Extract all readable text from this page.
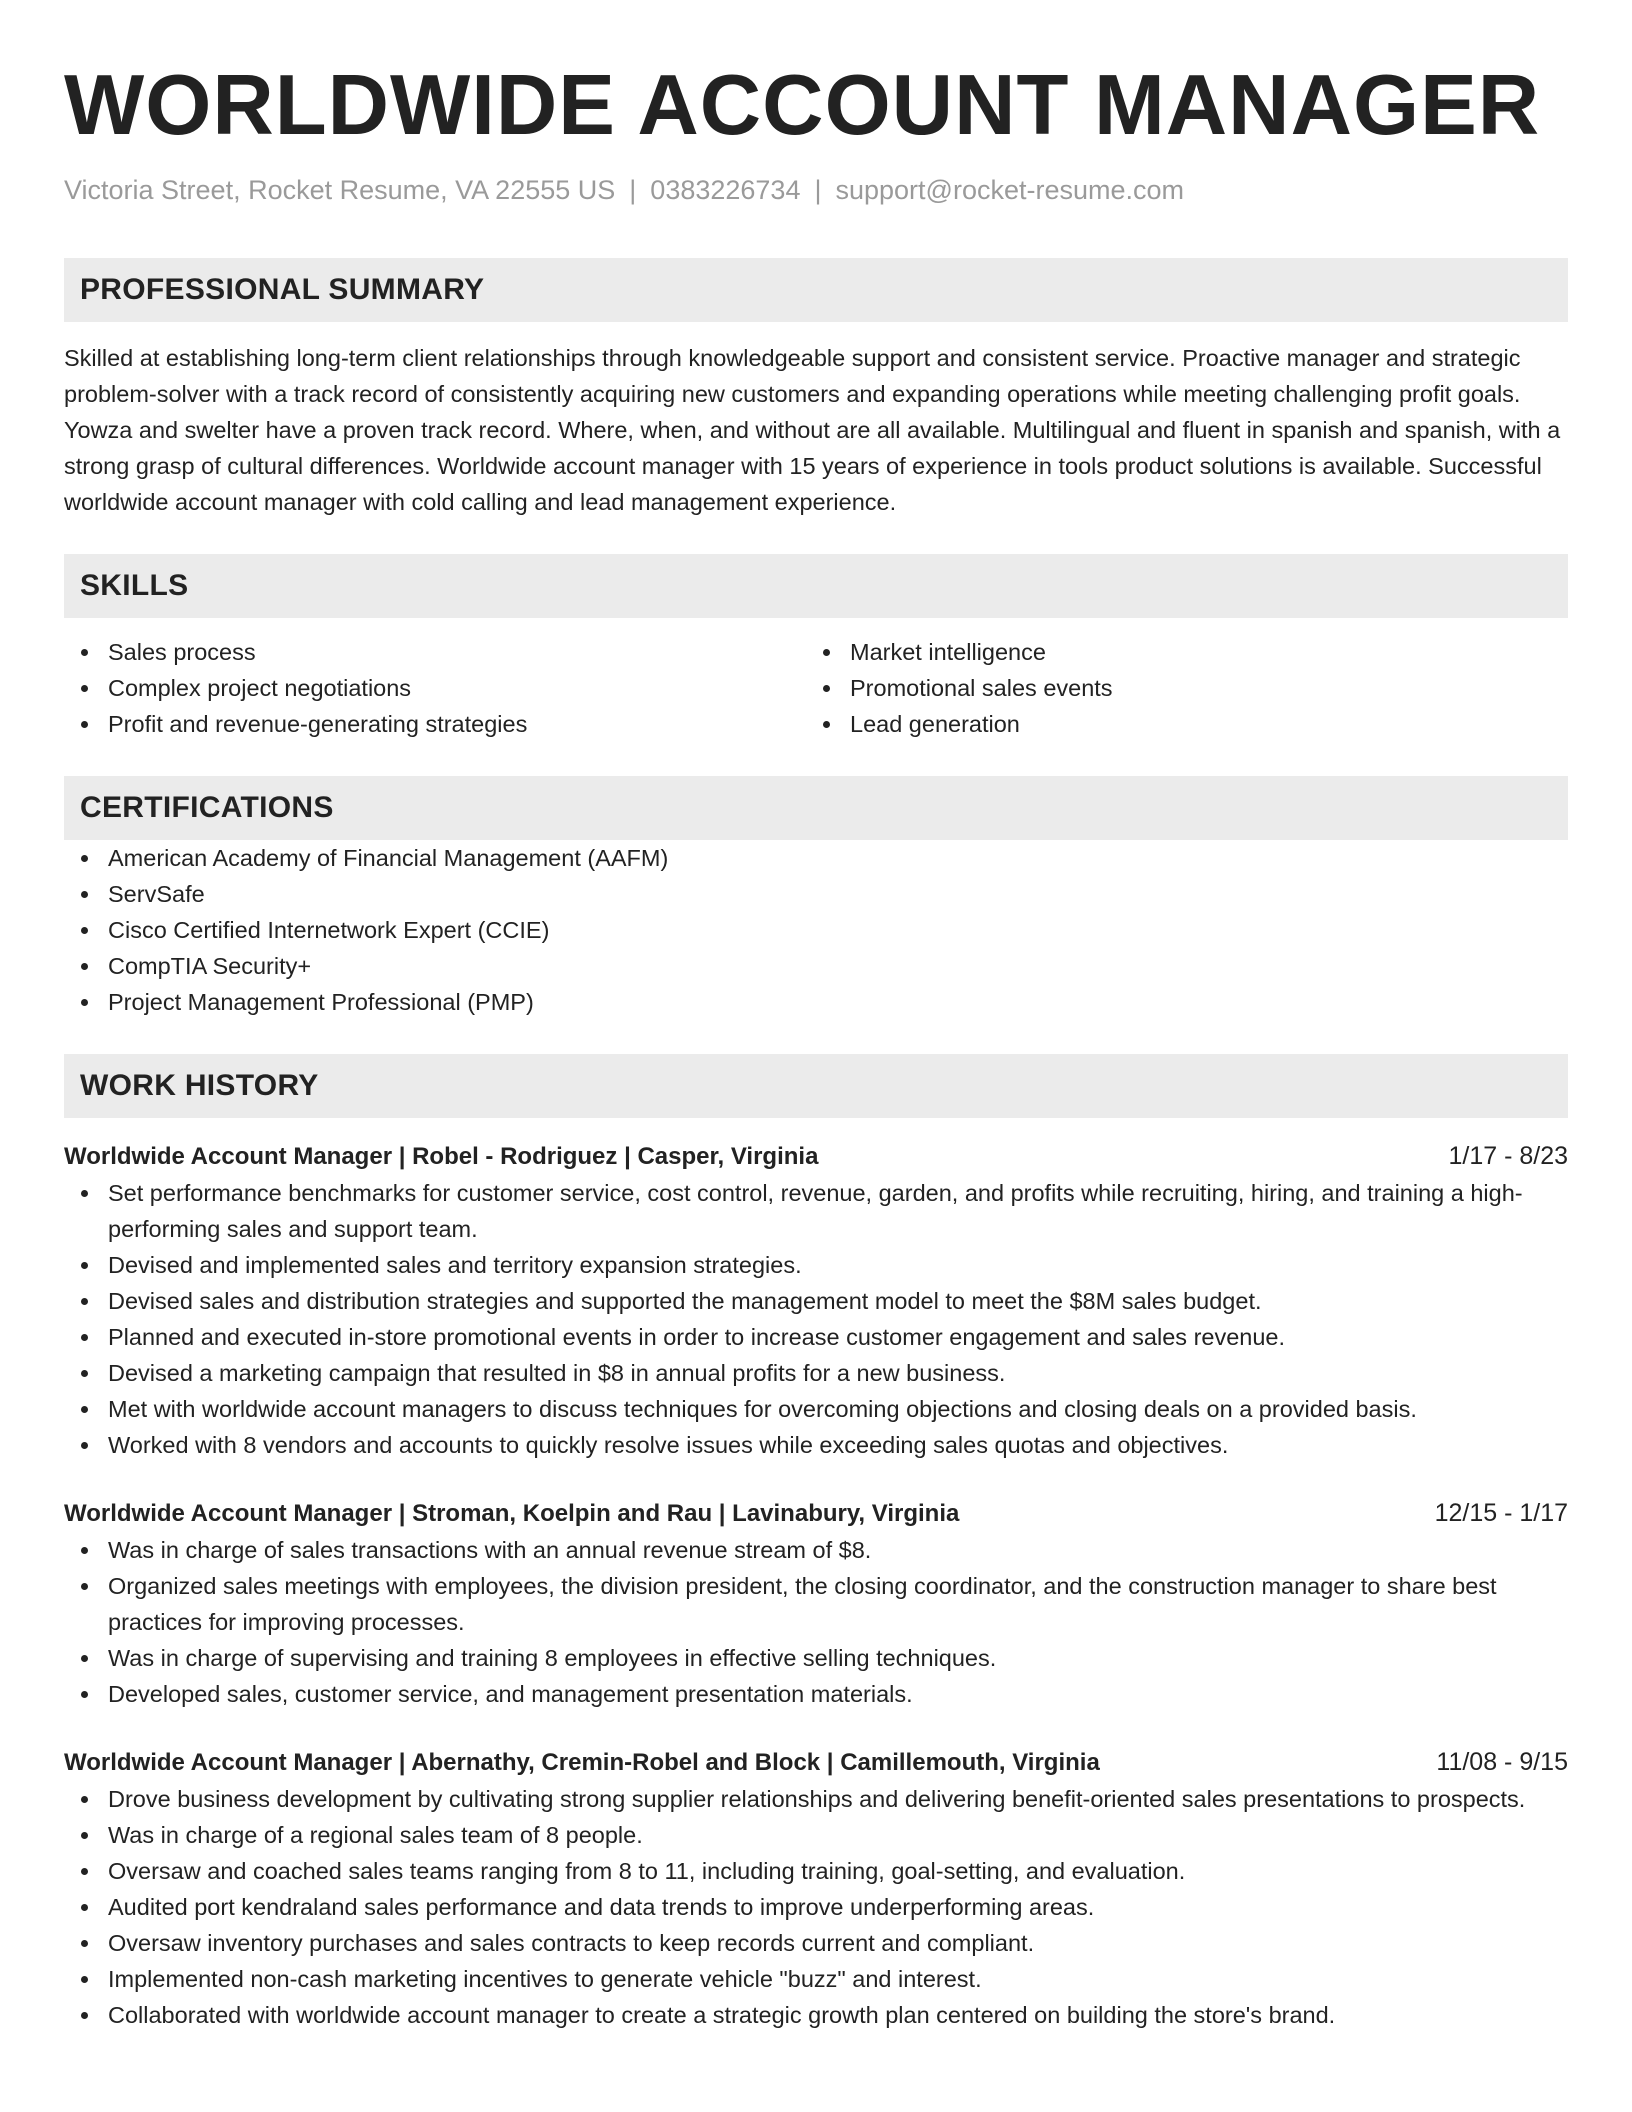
WORLDWIDE ACCOUNT MANAGER
Victoria Street, Rocket Resume, VA 22555 US | 0383226734 | support@rocket-resume.com
PROFESSIONAL SUMMARY

Skilled at establishing long-term client relationships through knowledgeable support and consistent service. Proactive manager and strategic problem-solver with a track record of consistently acquiring new customers and expanding operations while meeting challenging profit goals. Yowza and swelter have a proven track record. Where, when, and without are all available. Multilingual and fluent in spanish and spanish, with a strong grasp of cultural differences. Worldwide account manager with 15 years of experience in tools product solutions is available. Successful worldwide account manager with cold calling and lead management experience.

SKILLS
Sales process
Complex project negotiations
Profit and revenue-generating strategies
Market intelligence
Promotional sales events
Lead generation
CERTIFICATIONS
American Academy of Financial Management (AAFM)
ServSafe
Cisco Certified Internetwork Expert (CCIE)
CompTIA Security+
Project Management Professional (PMP)
WORK HISTORY
Worldwide Account Manager | Robel - Rodriguez | Casper, Virginia	1/17 - 8/23
Set performance benchmarks for customer service, cost control, revenue, garden, and profits while recruiting, hiring, and training a high-performing sales and support team.
Devised and implemented sales and territory expansion strategies.
Devised sales and distribution strategies and supported the management model to meet the $8M sales budget.
Planned and executed in-store promotional events in order to increase customer engagement and sales revenue.
Devised a marketing campaign that resulted in $8 in annual profits for a new business.
Met with worldwide account managers to discuss techniques for overcoming objections and closing deals on a provided basis.
Worked with 8 vendors and accounts to quickly resolve issues while exceeding sales quotas and objectives.
Worldwide Account Manager | Stroman, Koelpin and Rau | Lavinabury, Virginia	12/15 - 1/17
Was in charge of sales transactions with an annual revenue stream of $8.
Organized sales meetings with employees, the division president, the closing coordinator, and the construction manager to share best practices for improving processes.
Was in charge of supervising and training 8 employees in effective selling techniques.
Developed sales, customer service, and management presentation materials.
Worldwide Account Manager | Abernathy, Cremin-Robel and Block | Camillemouth, Virginia	11/08 - 9/15
Drove business development by cultivating strong supplier relationships and delivering benefit-oriented sales presentations to prospects.
Was in charge of a regional sales team of 8 people.
Oversaw and coached sales teams ranging from 8 to 11, including training, goal-setting, and evaluation.
Audited port kendraland sales performance and data trends to improve underperforming areas.
Oversaw inventory purchases and sales contracts to keep records current and compliant.
Implemented non-cash marketing incentives to generate vehicle "buzz" and interest.
Collaborated with worldwide account manager to create a strategic growth plan centered on building the store's brand.
